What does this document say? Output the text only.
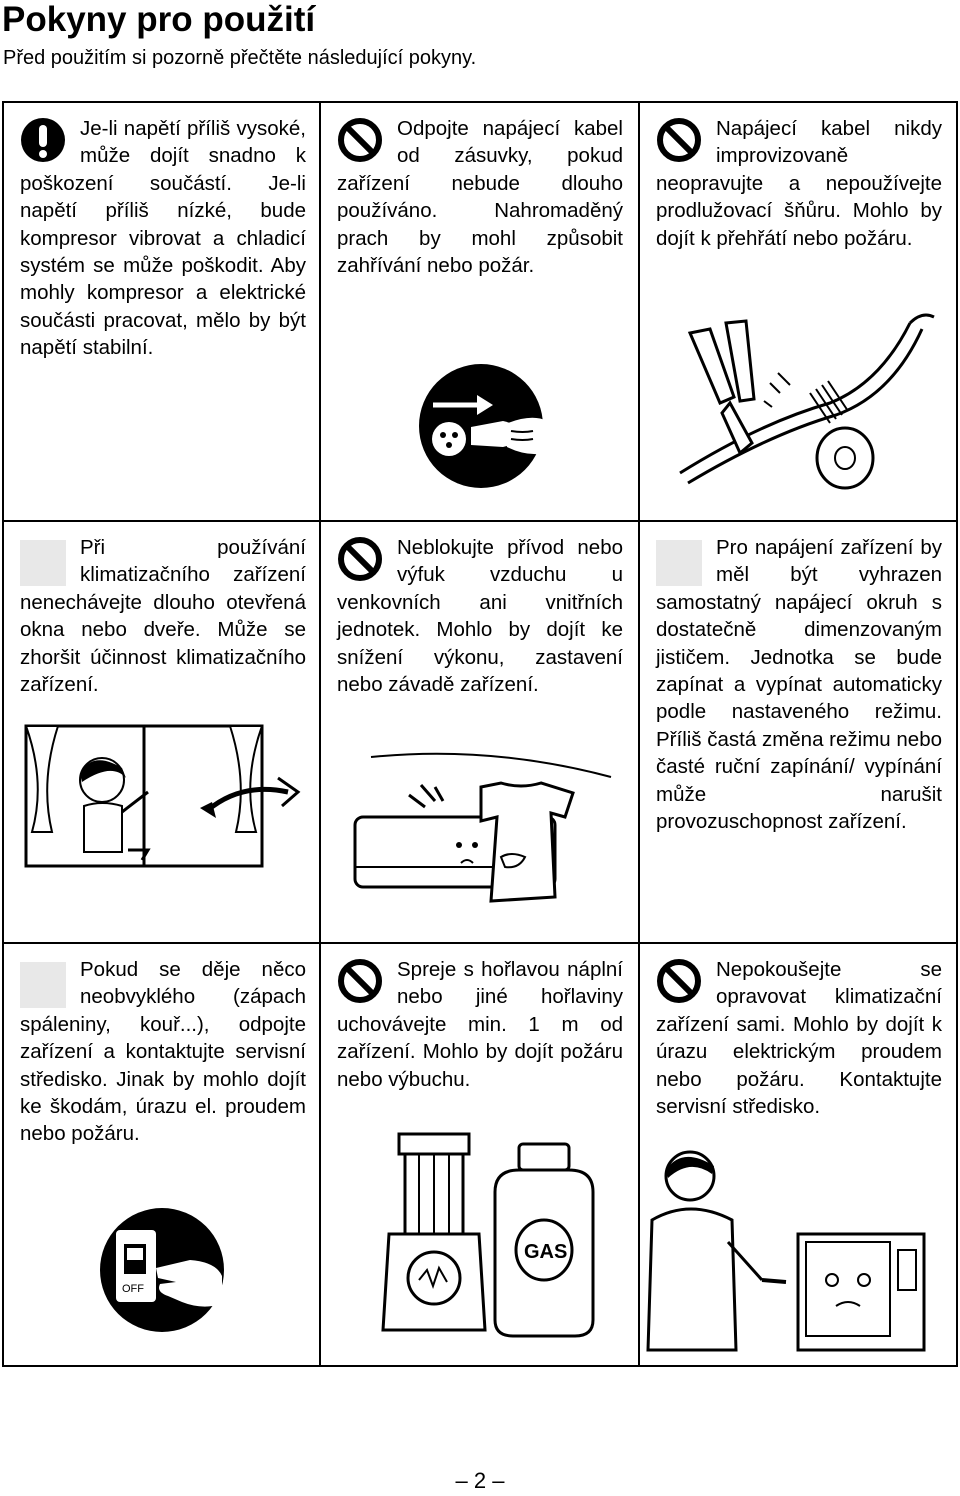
Pokyny pro použití

Před použitím si pozorně přečtěte následující pokyny.

Je-li napětí příliš vysoké, může dojít snadno k poškození součástí. Je-li napětí příliš nízké, bude kompresor vibrovat a chladicí systém se může poškodit. Aby mohly kompresor a elektrické součásti pracovat, mělo by být napětí stabilní.
Odpojte napájecí kabel od zásuvky, pokud zařízení nebude dlouho používáno. Nahromaděný prach by mohl způsobit zahřívání nebo požár.
Napájecí kabel nikdy improvizovaně neopravujte a nepoužívejte prodlužovací šňůru. Mohlo by dojít k přehřátí nebo požáru.
Při používání klimatizačního zařízení nenechávejte dlouho otevřená okna nebo dveře. Může se zhoršit účinnost klimatizačního zařízení.
Neblokujte přívod nebo výfuk vzduchu u venkovních ani vnitřních jednotek. Mohlo by dojít ke snížení výkonu, zastavení nebo závadě zařízení.
Pro napájení zařízení by měl být vyhrazen samostatný napájecí okruh s dostatečně dimenzovaným jističem. Jednotka se bude zapínat a vypínat automaticky podle nastaveného režimu. Příliš častá změna režimu nebo časté ruční zapínání/ vypínání může narušit provozuschopnost zařízení.
Pokud se děje něco neobvyklého (zápach spáleniny, kouř...), odpojte zařízení a kontaktujte servisní středisko. Jinak by mohlo dojít ke škodám, úrazu el. proudem nebo požáru.
OFF
Spreje s hořlavou náplní nebo jiné hořlaviny uchovávejte min. 1 m od zařízení. Mohlo by dojít požáru nebo výbuchu.
GAS
Nepokoušejte se opravovat klimatizační zařízení sami. Mohlo by dojít k úrazu elektrickým proudem nebo požáru. Kontaktujte servisní středisko.
– 2 –
